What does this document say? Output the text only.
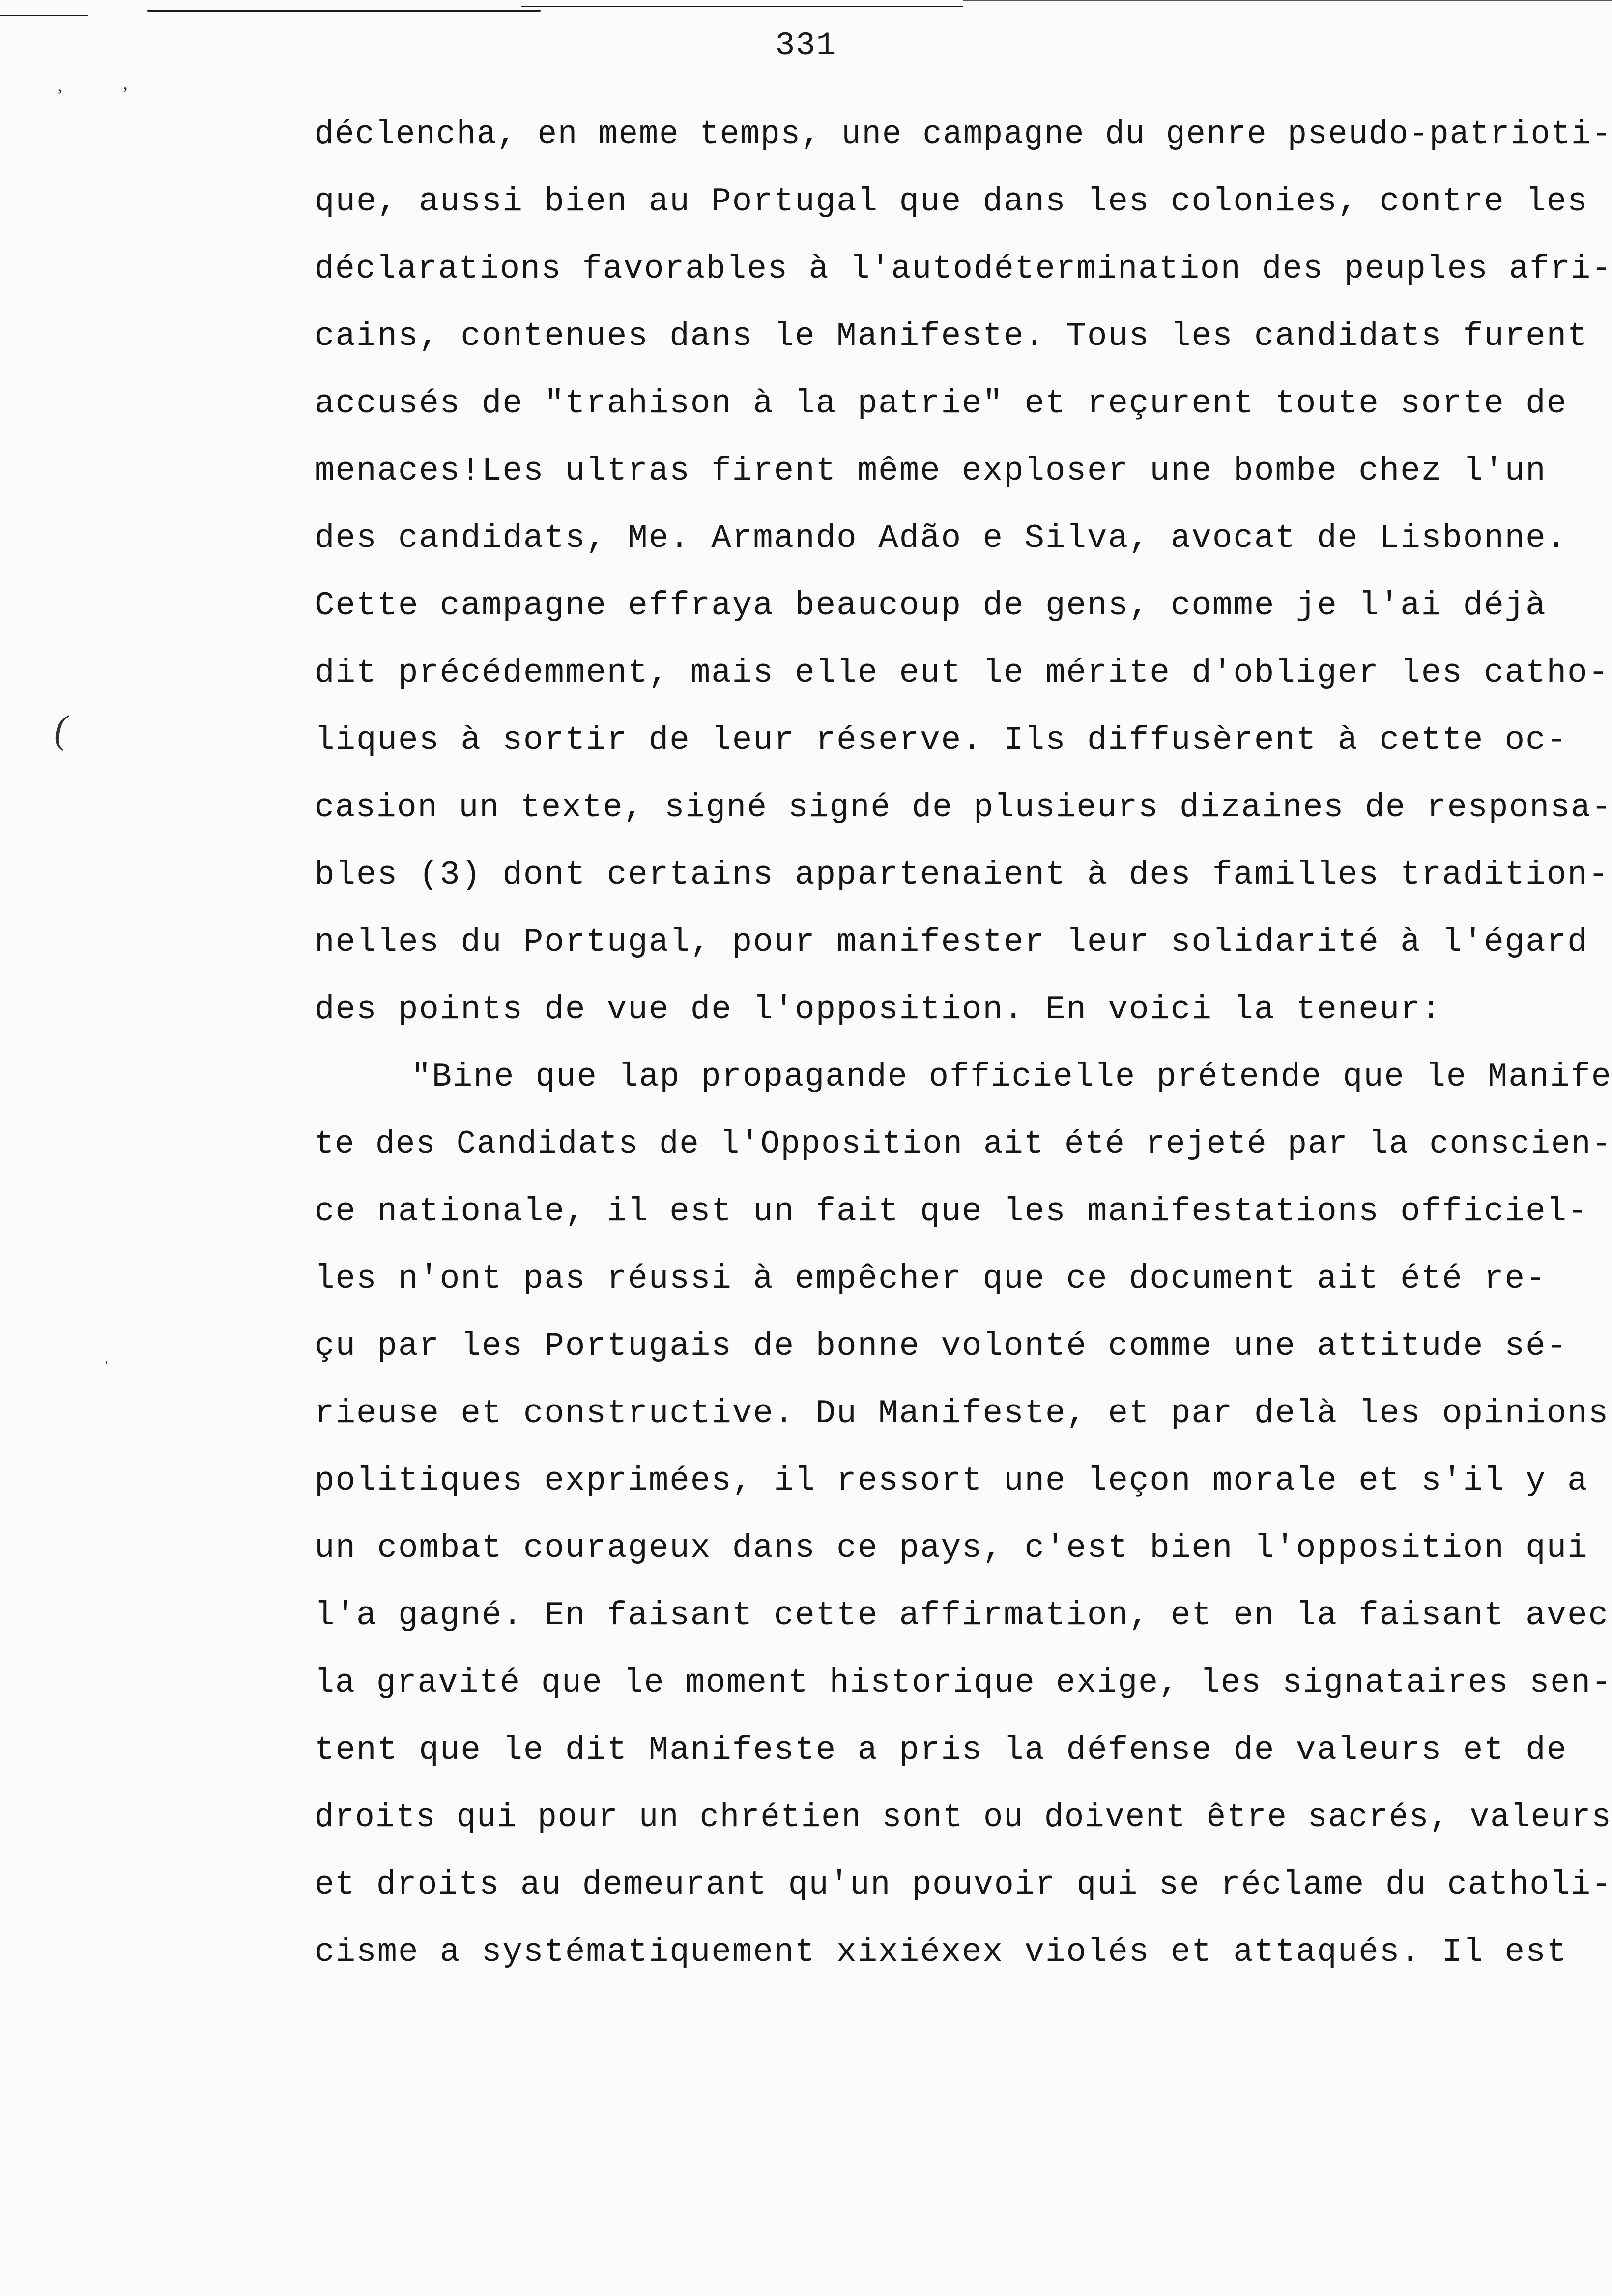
331
¸	,
(
ˌ
déclencha, en meme temps, une campagne du genre pseudo-patrioti-
que, aussi bien au Portugal que dans les colonies, contre les
déclarations favorables à l'autodétermination des peuples afri-
cains, contenues dans le Manifeste. Tous les candidats furent
accusés de "trahison à la patrie" et reçurent toute sorte de
menaces!Les ultras firent même exploser une bombe chez l'un
des candidats, Me. Armando Adão e Silva, avocat de Lisbonne.
Cette campagne effraya beaucoup de gens, comme je l'ai déjà
dit précédemment, mais elle eut le mérite d'obliger les catho-
liques à sortir de leur réserve. Ils diffusèrent à cette oc-
casion un texte, signé signé de plusieurs dizaines de responsa-
bles (3) dont certains appartenaient à des familles tradition-
nelles du Portugal, pour manifester leur solidarité à l'égard
des points de vue de l'opposition. En voici la teneur:
"Bine que lap propagande officielle prétende que le Manife
te des Candidats de l'Opposition ait été rejeté par la conscien-
ce nationale, il est un fait que les manifestations officiel-
les n'ont pas réussi à empêcher que ce document ait été re-
çu par les Portugais de bonne volonté comme une attitude sé-
rieuse et constructive. Du Manifeste, et par delà les opinions
politiques exprimées, il ressort une leçon morale et s'il y a
un combat courageux dans ce pays, c'est bien l'opposition qui
l'a gagné. En faisant cette affirmation, et en la faisant avec
la gravité que le moment historique exige, les signataires sen-
tent que le dit Manifeste a pris la défense de valeurs et de
droits qui pour un chrétien sont ou doivent être sacrés, valeurs
et droits au demeurant qu'un pouvoir qui se réclame du catholi-
cisme a systématiquement xixiéxex violés et attaqués. Il est
